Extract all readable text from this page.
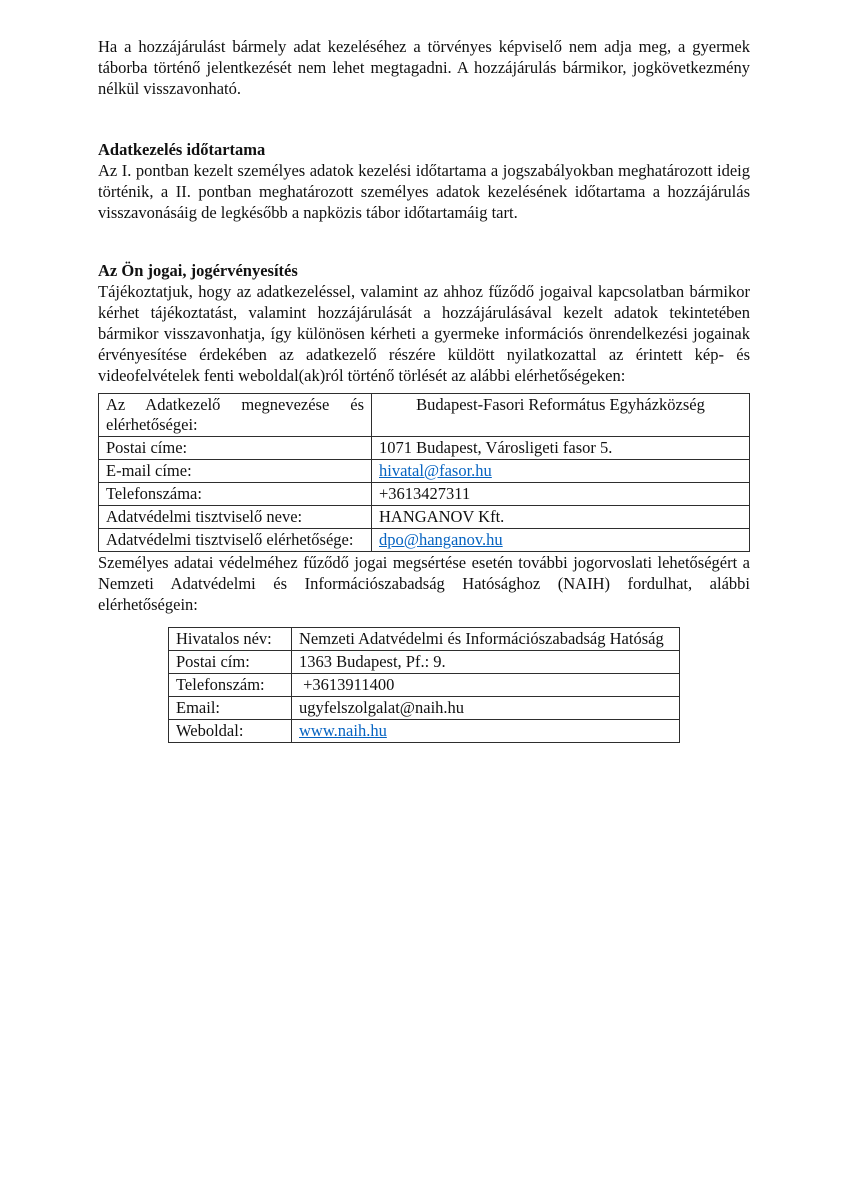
Ha a hozzájárulást bármely adat kezeléséhez a törvényes képviselő nem adja meg, a gyermek táborba történő jelentkezését nem lehet megtagadni. A hozzájárulás bármikor, jogkövetkezmény nélkül visszavonható.

Adatkezelés időtartama

Az I. pontban kezelt személyes adatok kezelési időtartama a jogszabályokban meghatározott ideig történik, a II. pontban meghatározott személyes adatok kezelésének időtartama a hozzájárulás visszavonásáig de legkésőbb a napközis tábor időtartamáig tart.

Az Ön jogai, jogérvényesítés

Tájékoztatjuk, hogy az adatkezeléssel, valamint az ahhoz fűződő jogaival kapcsolatban bármikor kérhet tájékoztatást, valamint hozzájárulását a hozzájárulásával kezelt adatok tekintetében bármikor visszavonhatja, így különösen kérheti a gyermeke információs önrendelkezési jogainak érvényesítése érdekében az adatkezelő részére küldött nyilatkozattal az érintett kép- és videofelvételek fenti weboldal(ak)ról történő törlését az alábbi elérhetőségeken:

Az Adatkezelő megnevezése és elérhetőségei:	Budapest-Fasori Református Egyházközség
Postai címe:	1071 Budapest, Városligeti fasor 5.
E-mail címe:	hivatal@fasor.hu
Telefonszáma:	+3613427311
Adatvédelmi tisztviselő neve:	HANGANOV Kft.
Adatvédelmi tisztviselő elérhetősége:	dpo@hanganov.hu

Személyes adatai védelméhez fűződő jogai megsértése esetén további jogorvoslati lehetőségért a Nemzeti Adatvédelmi és Információszabadság Hatósághoz (NAIH) fordulhat, alábbi elérhetőségein:

Hivatalos név:	Nemzeti Adatvédelmi és Információszabadság Hatóság
Postai cím:	1363 Budapest, Pf.: 9.
Telefonszám:	+3613911400
Email:	ugyfelszolgalat@naih.hu
Weboldal:	www.naih.hu
